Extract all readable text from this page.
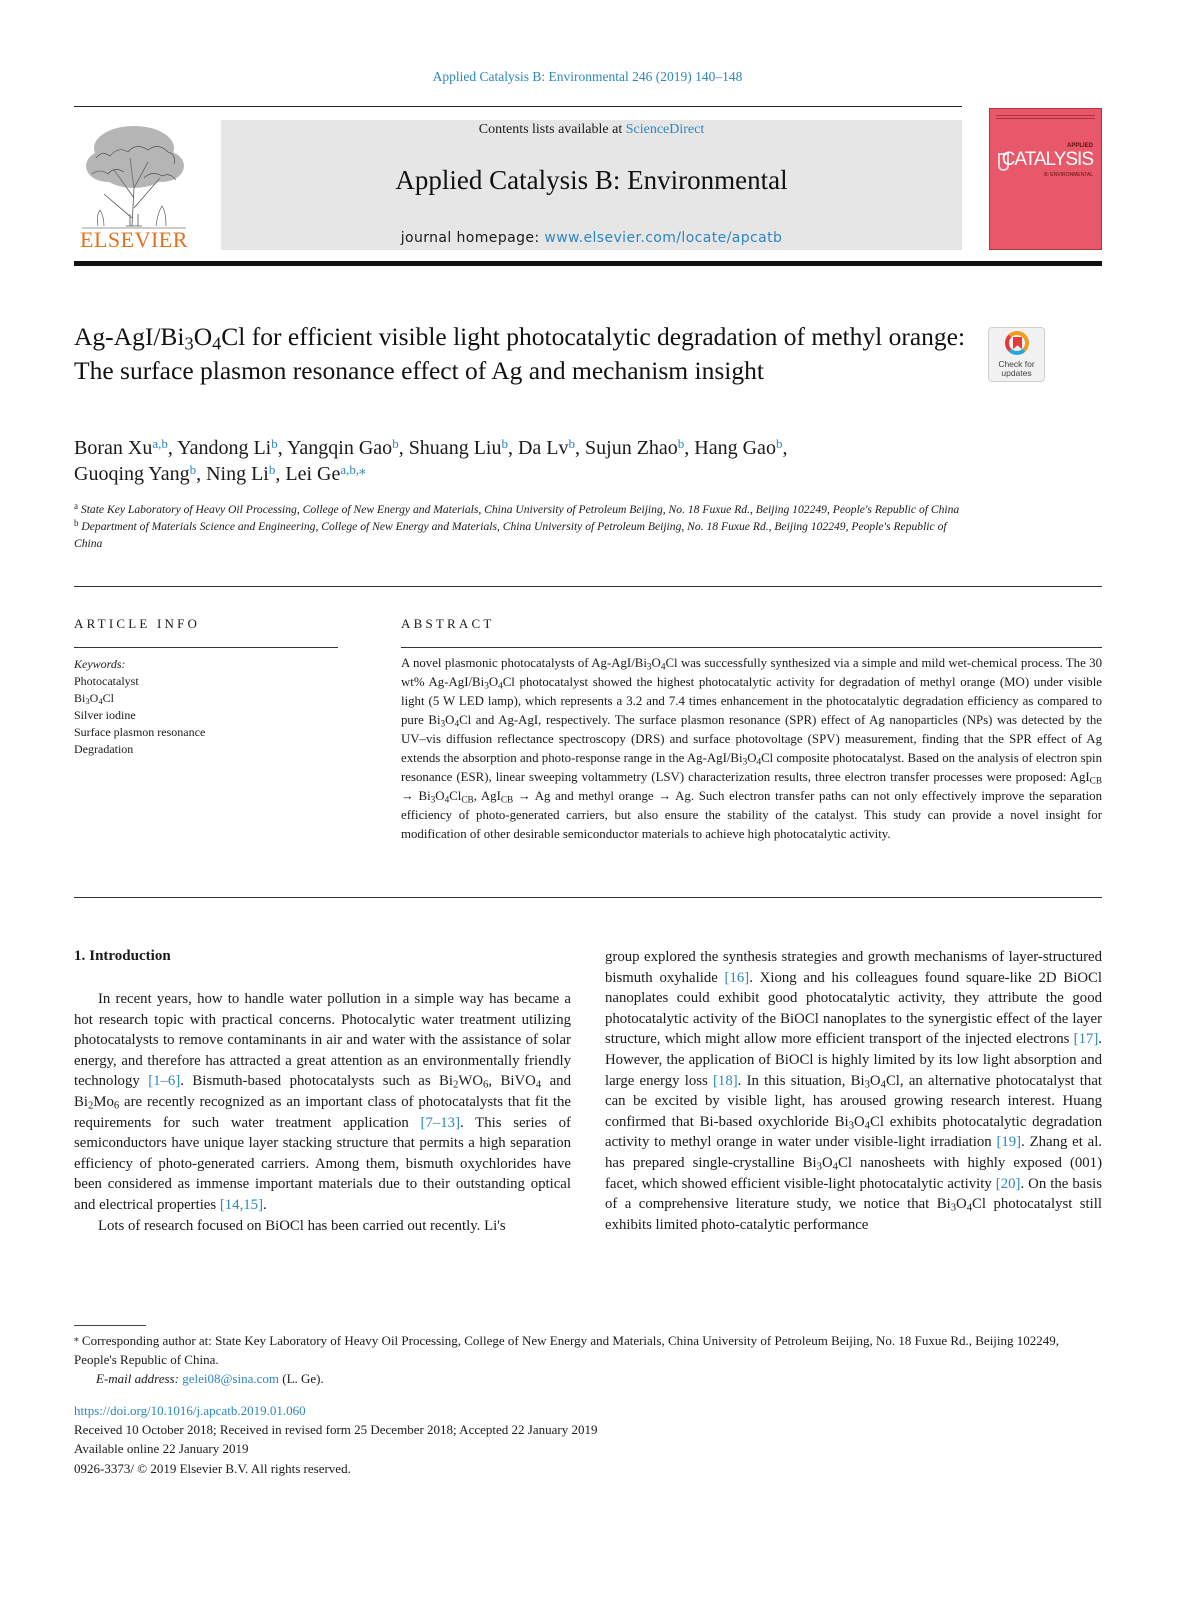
Applied Catalysis B: Environmental 246 (2019) 140–148
ELSEVIER
Contents lists available at ScienceDirect
Applied Catalysis B: Environmental
journal homepage: www.elsevier.com/locate/apcatb
APPLIED
CATALYSIS
B: ENVIRONMENTAL
$Ag-AgI/Bi_3O_4Cl$ for efficient visible light photocatalytic degradation of methyl orange: The surface plasmon resonance effect of Ag and mechanism insight	Check for
updates
Boran Xu$^{a,b}$, Yandong Li$^b$, Yangqin Gao$^b$, Shuang Liu$^b$, Da Lv$^b$, Sujun Zhao$^b$, Hang Gao$^b$,
Guoqing Yang$^b$, Ning Li$^b$, Lei $Ge^{a,b,⁎}$
$^a$ State Key Laboratory of Heavy Oil Processing, College of New Energy and Materials, China University of Petroleum Beijing, No. 18 Fuxue Rd., Beijing 102249, People's Republic of China
$^b$ Department of Materials Science and Engineering, College of New Energy and Materials, China University of Petroleum Beijing, No. 18 Fuxue Rd., Beijing 102249, People's Republic of China
ARTICLE INFO
Keywords:
Photocatalyst
$Bi_3O_4Cl$
Silver iodine
Surface plasmon resonance
Degradation
ABSTRACT
A novel plasmonic photocatalysts of $Ag-AgI/Bi_3O_4Cl$ was successfully synthesized via a simple and mild wet-chemical process. The 30 wt% $Ag-AgI/Bi_3O_4Cl$ photocatalyst showed the highest photocatalytic activity for degradation of methyl orange (MO) under visible light (5 W LED lamp), which represents a 3.2 and 7.4 times enhancement in the photocatalytic degradation efficiency as compared to pure $Bi_3O_4Cl$ and Ag-AgI, respectively. The surface plasmon resonance (SPR) effect of Ag nanoparticles (NPs) was detected by the UV–vis diffusion reflectance spectroscopy (DRS) and surface photovoltage (SPV) measurement, finding that the SPR effect of Ag extends the absorption and photo-response range in the $Ag-AgI/Bi_3O_4Cl$ composite photocatalyst. Based on the analysis of electron spin resonance (ESR), linear sweeping voltammetry (LSV) characterization results, three electron transfer processes were proposed: $AgI_{CB} \to Bi_3O_4Cl_{CB}$, AgI$_{CB}$ → Ag and methyl orange → Ag. Such electron transfer paths can not only effectively improve the separation efficiency of photo-generated carriers, but also ensure the stability of the catalyst. This study can provide a novel insight for modification of other desirable semiconductor materials to achieve high photocatalytic activity.
1. Introduction

In recent years, how to handle water pollution in a simple way has became a hot research topic with practical concerns. Photocalytic water treatment utilizing photocatalysts to remove contaminants in air and water with the assistance of solar energy, and therefore has attracted a great attention as an environmentally friendly technology [1–6]. Bismuth-based photocatalysts such as $Bi_2WO_6$, BiVO$_4$ and $Bi_2Mo_6$ are recently recognized as an important class of photocatalysts that fit the requirements for such water treatment application [7–13]. This series of semiconductors have unique layer stacking structure that permits a high separation efficiency of photo-generated carriers. Among them, bismuth oxychlorides have been considered as immense important materials due to their outstanding optical and electrical properties [14,15].

Lots of research focused on BiOCl has been carried out recently. Li's

group explored the synthesis strategies and growth mechanisms of layer-structured bismuth oxyhalide [16]. Xiong and his colleagues found square-like 2D BiOCl nanoplates could exhibit good photocatalytic activity, they attribute the good photocatalytic activity of the BiOCl nanoplates to the synergistic effect of the layer structure, which might allow more efficient transport of the injected electrons [17]. However, the application of BiOCl is highly limited by its low light absorption and large energy loss [18]. In this situation, $Bi_3O_4Cl$, an alternative photocatalyst that can be excited by visible light, has aroused growing research interest. Huang confirmed that Bi-based oxychloride $Bi_3O_4Cl$ exhibits photocatalytic degradation activity to methyl orange in water under visible-light irradiation [19]. Zhang et al. has prepared single-crystalline $Bi_3O_4Cl$ nanosheets with highly exposed (001) facet, which showed efficient visible-light photocatalytic activity [20]. On the basis of a comprehensive literature study, we notice that $Bi_3O_4Cl$ photocatalyst still exhibits limited photo-catalytic performance
⁎ Corresponding author at: State Key Laboratory of Heavy Oil Processing, College of New Energy and Materials, China University of Petroleum Beijing, No. 18 Fuxue Rd., Beijing 102249, People's Republic of China.
E-mail address: gelei08@sina.com (L. Ge).
https://doi.org/10.1016/j.apcatb.2019.01.060
Received 10 October 2018; Received in revised form 25 December 2018; Accepted 22 January 2019
Available online 22 January 2019
0926-3373/ © 2019 Elsevier B.V. All rights reserved.
